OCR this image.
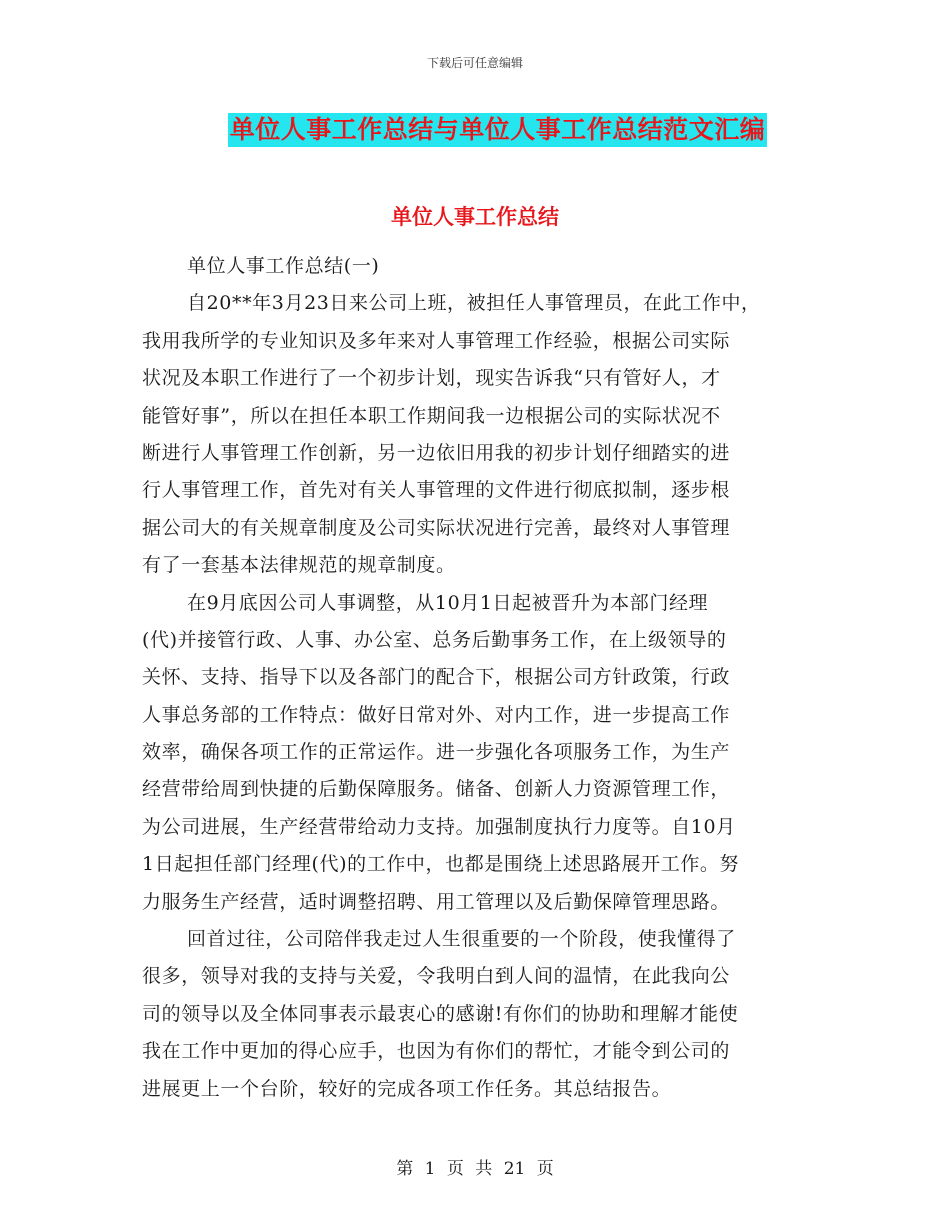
下载后可任意编辑
单位人事工作总结与单位人事工作总结范文汇编
单位人事工作总结
单位人事工作总结(一)
自20**年3月23日来公司上班，被担任人事管理员，在此工作中，
我用我所学的专业知识及多年来对人事管理工作经验，根据公司实际
状况及本职工作进行了一个初步计划，现实告诉我“只有管好人，才
能管好事”，所以在担任本职工作期间我一边根据公司的实际状况不
断进行人事管理工作创新，另一边依旧用我的初步计划仔细踏实的进
行人事管理工作，首先对有关人事管理的文件进行彻底拟制，逐步根
据公司大的有关规章制度及公司实际状况进行完善，最终对人事管理
有了一套基本法律规范的规章制度。
在9月底因公司人事调整，从10月1日起被晋升为本部门经理
(代)并接管行政、人事、办公室、总务后勤事务工作，在上级领导的
关怀、支持、指导下以及各部门的配合下，根据公司方针政策，行政
人事总务部的工作特点：做好日常对外、对内工作，进一步提高工作
效率，确保各项工作的正常运作。进一步强化各项服务工作，为生产
经营带给周到快捷的后勤保障服务。储备、创新人力资源管理工作，
为公司进展，生产经营带给动力支持。加强制度执行力度等。自10月
1日起担任部门经理(代)的工作中，也都是围绕上述思路展开工作。努
力服务生产经营，适时调整招聘、用工管理以及后勤保障管理思路。
回首过往，公司陪伴我走过人生很重要的一个阶段，使我懂得了
很多，领导对我的支持与关爱，令我明白到人间的温情，在此我向公
司的领导以及全体同事表示最衷心的感谢!有你们的协助和理解才能使
我在工作中更加的得心应手，也因为有你们的帮忙，才能令到公司的
进展更上一个台阶，较好的完成各项工作任务。其总结报告。
第 1 页 共 21 页
